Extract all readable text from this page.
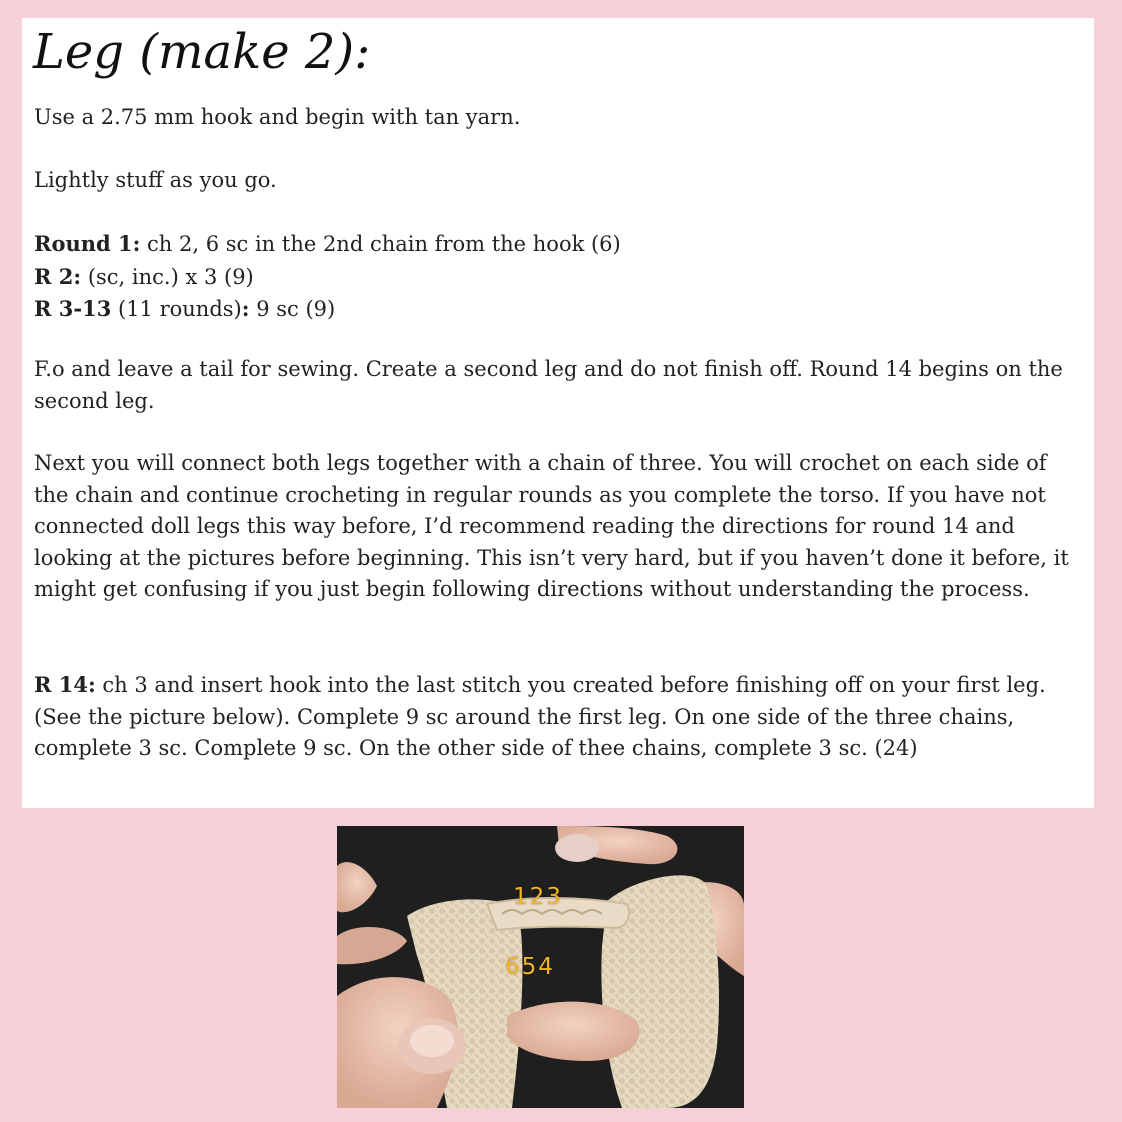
Leg (make 2):

Use a 2.75 mm hook and begin with tan yarn.

Lightly stuff as you go.

Round 1: ch 2, 6 sc in the 2nd chain from the hook (6)
R 2: (sc, inc.) x 3 (9)
R 3-13 (11 rounds): 9 sc (9)

F.o and leave a tail for sewing. Create a second leg and do not finish off. Round 14 begins on the second leg.

Next you will connect both legs together with a chain of three. You will crochet on each side of the chain and continue crocheting in regular rounds as you complete the torso. If you have not connected doll legs this way before, I’d recommend reading the directions for round 14 and looking at the pictures before beginning. This isn’t very hard, but if you haven’t done it before, it might get confusing if you just begin following directions without understanding the process.

R 14: ch 3 and insert hook into the last stitch you created before finishing off on your first leg. (See the picture below). Complete 9 sc around the first leg. On one side of the three chains, complete 3 sc. Complete 9 sc. On the other side of thee chains, complete 3 sc. (24)

123
654
